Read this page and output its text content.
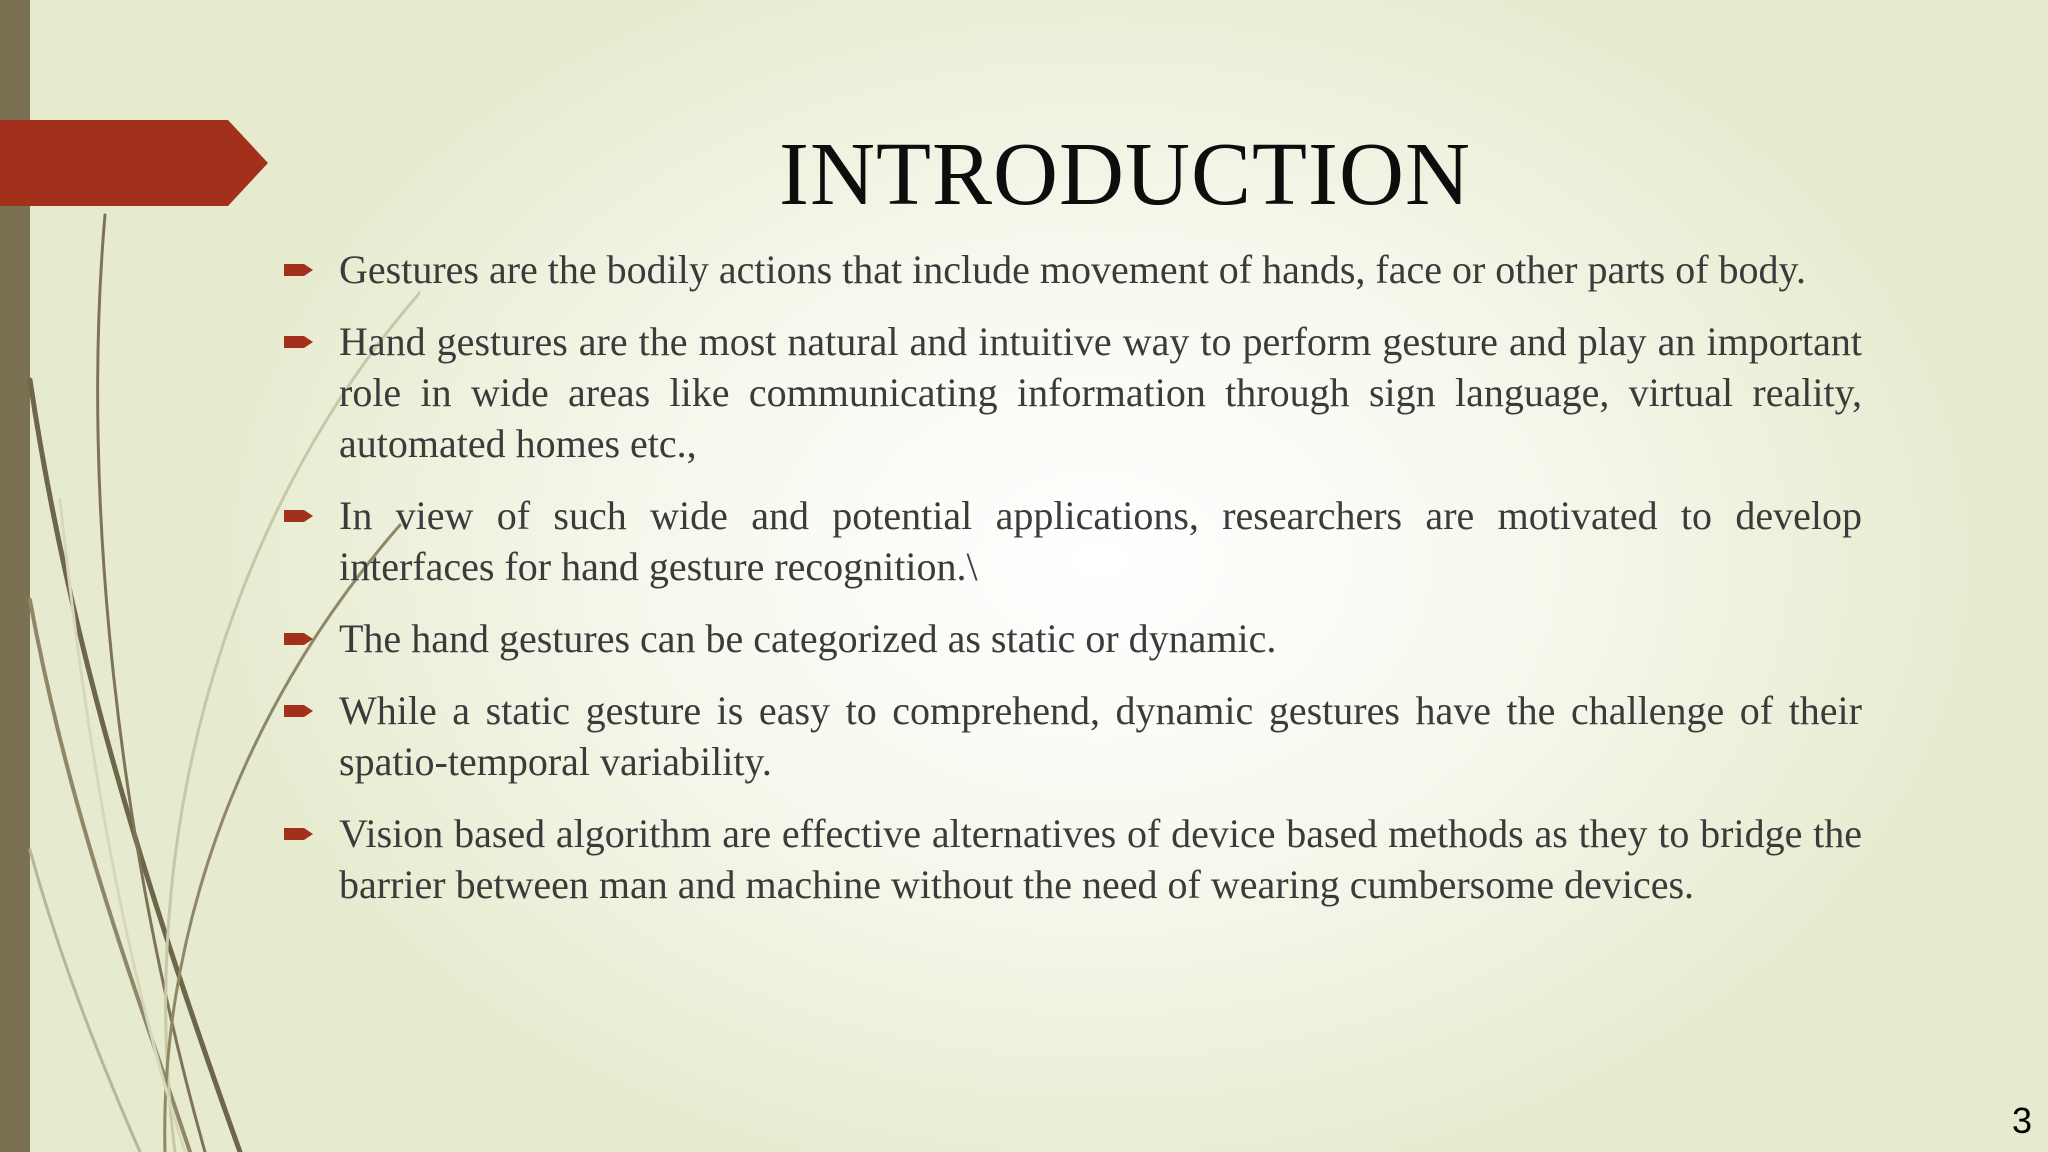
INTRODUCTION
Gestures are the bodily actions that include movement of hands, face or other parts of body.
Hand gestures are the most natural and intuitive way to perform gesture and play an important role in wide areas like communicating information through sign language, virtual reality, automated homes etc.,
In view of such wide and potential applications, researchers are motivated to develop interfaces for hand gesture recognition.\
The hand gestures can be categorized as static or dynamic.
While a static gesture is easy to comprehend, dynamic gestures have the challenge of their spatio-temporal variability.
Vision based algorithm are effective alternatives of device based methods as they to bridge the barrier between man and machine without the need of wearing cumbersome devices.
3
